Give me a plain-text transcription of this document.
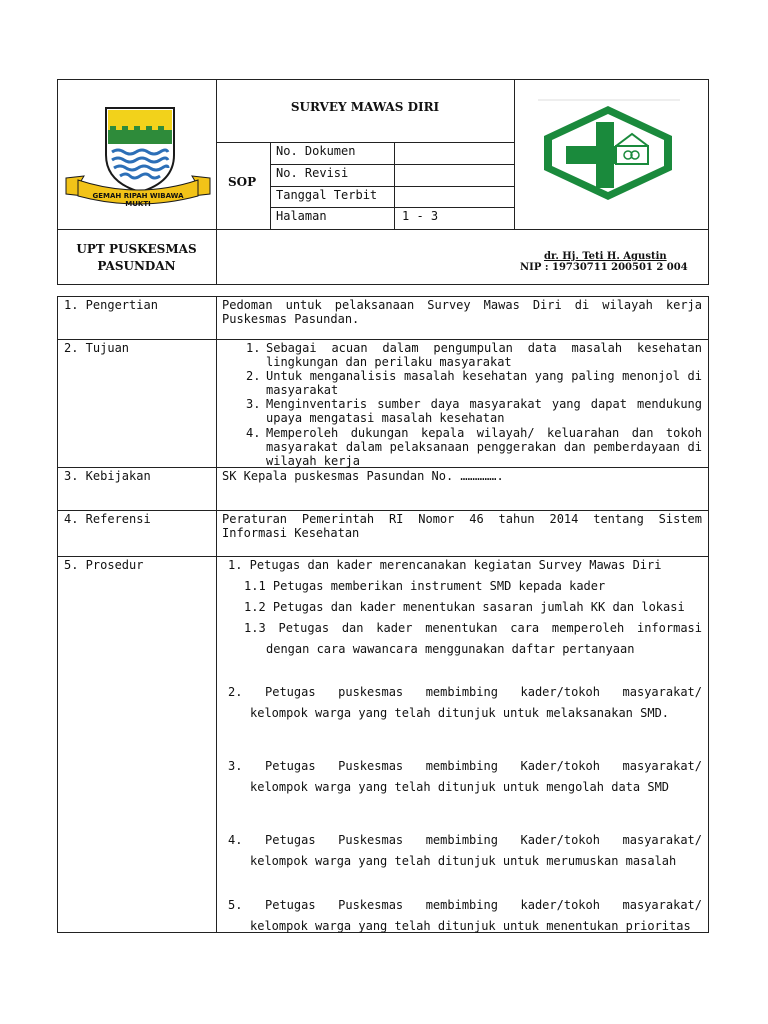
GEMAH RIPAH WIBAWA MUKTI
SURVEY MAWAS DIRI
SOP
No. Dokumen
No. Revisi
Tanggal Terbit
Halaman	1 - 3
UPT PUSKESMAS
PASUNDAN
dr. Hj. Teti H. Agustin
NIP : 19730711 200501 2 004
1. Pengertian	Pedoman untuk pelaksanaan Survey Mawas Diri di wilayah kerja Puskesmas Pasundan.
2. Tujuan	1. Sebagai acuan dalam pengumpulan data masalah kesehatan lingkungan dan perilaku masyarakat
2. Untuk menganalisis masalah kesehatan yang paling menonjol di masyarakat
3. Menginventaris sumber daya masyarakat yang dapat mendukung upaya mengatasi masalah kesehatan
4. Memperoleh dukungan kepala wilayah/ keluarahan dan tokoh masyarakat dalam pelaksanaan penggerakan dan pemberdayaan di wilayah kerja
3. Kebijakan	SK Kepala puskesmas Pasundan No. …………….
4. Referensi	Peraturan Pemerintah RI Nomor 46 tahun 2014 tentang Sistem Informasi Kesehatan
5. Prosedur	1. Petugas dan kader merencanakan kegiatan Survey Mawas Diri
1.1 Petugas memberikan instrument SMD kepada kader
1.2 Petugas dan kader menentukan sasaran jumlah KK dan lokasi
1.3 Petugas dan kader menentukan cara memperoleh informasi
dengan cara wawancara menggunakan daftar pertanyaan
2. Petugas puskesmas membimbing kader/tokoh masyarakat/
kelompok warga yang telah ditunjuk untuk melaksanakan SMD.
3. Petugas Puskesmas membimbing Kader/tokoh masyarakat/
kelompok warga yang telah ditunjuk untuk mengolah data SMD
4. Petugas Puskesmas membimbing Kader/tokoh masyarakat/
kelompok warga yang telah ditunjuk untuk merumuskan masalah
5. Petugas Puskesmas membimbing kader/tokoh masyarakat/
kelompok warga yang telah ditunjuk untuk menentukan prioritas
